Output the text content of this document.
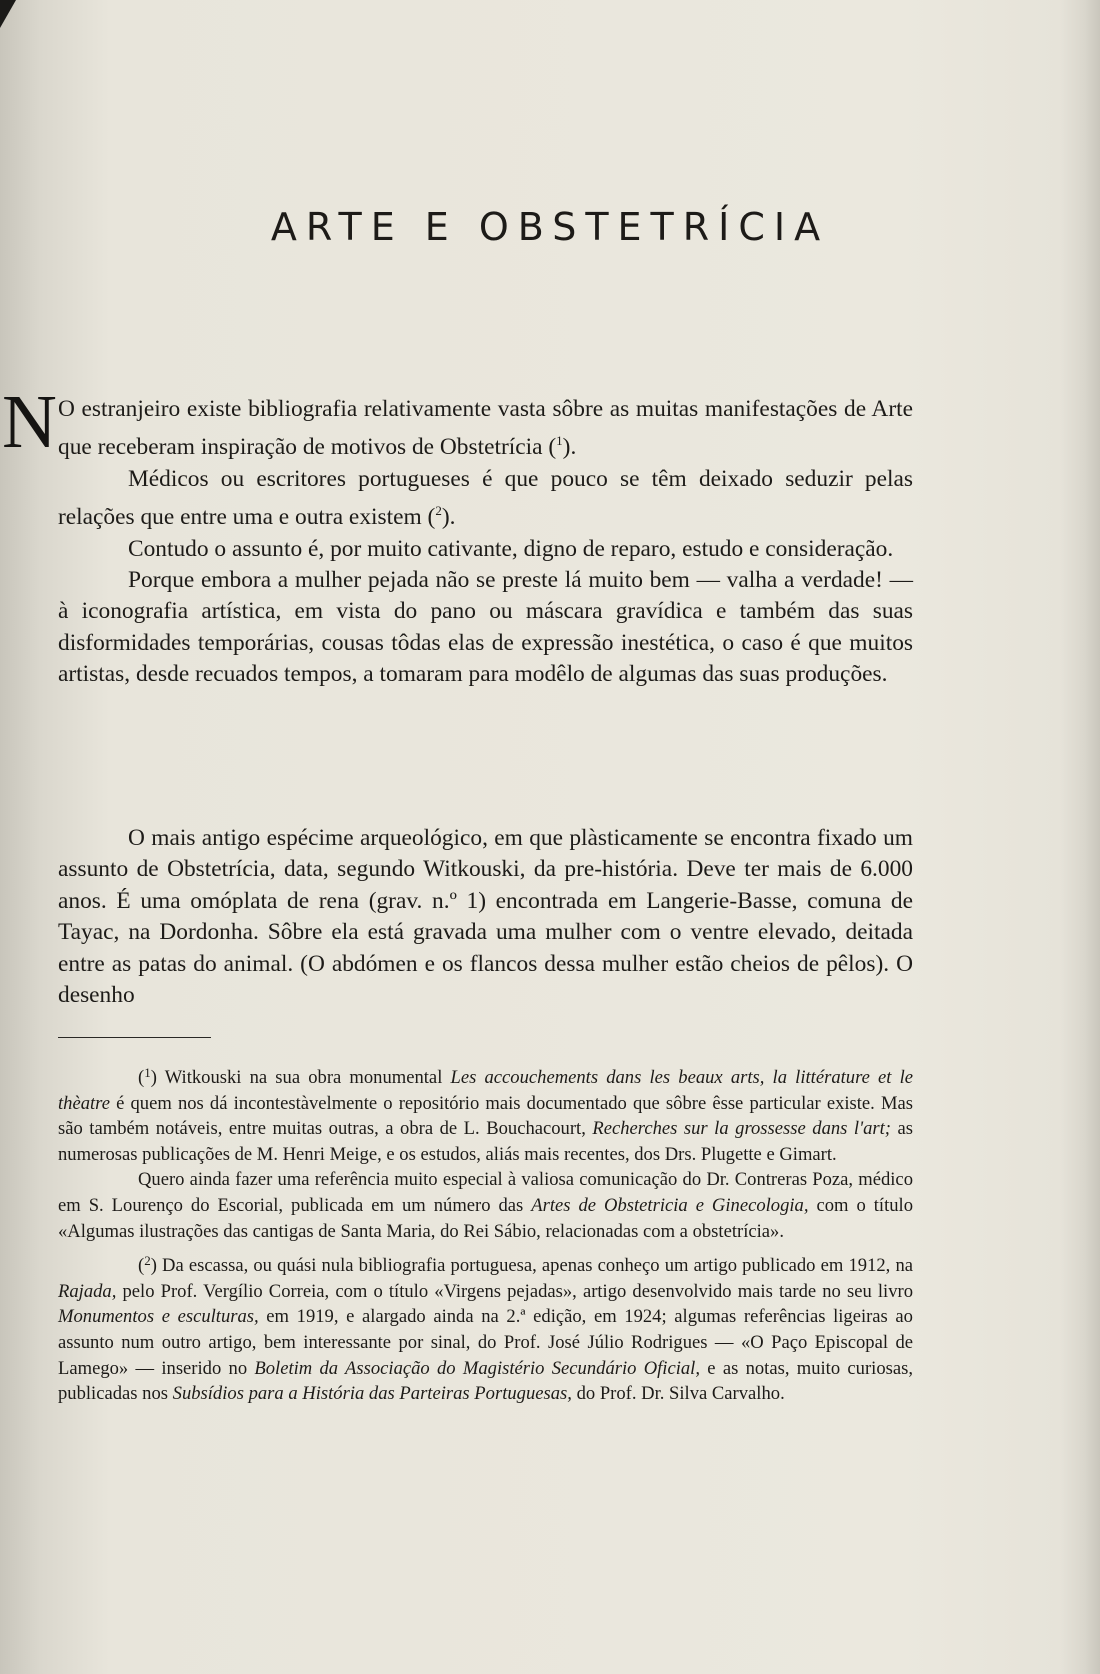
ARTE E OBSTETRÍCIA
N O estranjeiro existe bibliografia relativamente vasta sôbre as muitas manifestações de Arte que receberam inspiração de motivos de Obstetrícia ($^1$).

Médicos ou escritores portugueses é que pouco se têm deixado seduzir pelas relações que entre uma e outra existem ($^2$).

Contudo o assunto é, por muito cativante, digno de reparo, estudo e consideração.

Porque embora a mulher pejada não se preste lá muito bem — valha a verdade! — à iconografia artística, em vista do pano ou máscara gravídica e também das suas disformidades temporárias, cousas tôdas elas de expressão inestética, o caso é que muitos artistas, desde recuados tempos, a tomaram para modêlo de algumas das suas produções.

O mais antigo espécime arqueológico, em que plàsticamente se encontra fixado um assunto de Obstetrícia, data, segundo Witkouski, da pre-história. Deve ter mais de 6.000 anos. É uma omóplata de rena (grav. n.º 1) encontrada em Langerie-Basse, comuna de Tayac, na Dordonha. Sôbre ela está gravada uma mulher com o ventre elevado, deitada entre as patas do animal. (O abdómen e os flancos dessa mulher estão cheios de pêlos). O desenho

($^1$) Witkouski na sua obra monumental Les accouchements dans les beaux arts, la littérature et le thèatre é quem nos dá incontestàvelmente o repositório mais documentado que sôbre êsse particular existe. Mas são também notáveis, entre muitas outras, a obra de L. Bouchacourt, Recherches sur la grossesse dans l'art; as numerosas publicações de M. Henri Meige, e os estudos, aliás mais recentes, dos Drs. Plugette e Gimart.

Quero ainda fazer uma referência muito especial à valiosa comunicação do Dr. Contreras Poza, médico em S. Lourenço do Escorial, publicada em um número das Artes de Obstetricia e Ginecologia, com o título «Algumas ilustrações das cantigas de Santa Maria, do Rei Sábio, relacionadas com a obstetrícia».

($^2$) Da escassa, ou quási nula bibliografia portuguesa, apenas conheço um artigo publicado em 1912, na Rajada, pelo Prof. Vergílio Correia, com o título «Virgens pejadas», artigo desenvolvido mais tarde no seu livro Monumentos e esculturas, em 1919, e alargado ainda na 2.ª edição, em 1924; algumas referências ligeiras ao assunto num outro artigo, bem interessante por sinal, do Prof. José Júlio Rodrigues — «O Paço Episcopal de Lamego» — inserido no Boletim da Associação do Magistério Secundário Oficial, e as notas, muito curiosas, publicadas nos Subsídios para a História das Parteiras Portuguesas, do Prof. Dr. Silva Carvalho.
